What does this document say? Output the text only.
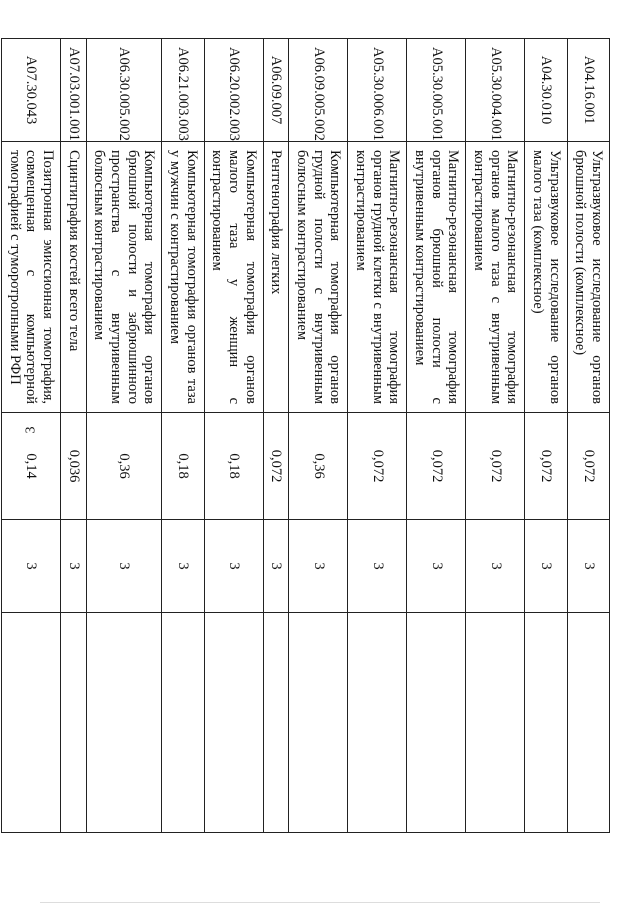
3
A04.16.001	Ультразвуковое исследование органов брюшной полости (комплексное)	0,072	3	
A04.30.010	Ультразвуковое исследование органов малого таза (комплексное)	0,072	3	
A05.30.004.001	Магнитно-резонансная томография органов малого таза с внутривенным контрастированием	0,072	3	
A05.30.005.001	Магнитно-резонансная томография органов брюшной полости с внутривенным контрастированием	0,072	3	
A05.30.006.001	Магнитно-резонансная томография органов грудной клетки с внутривенным контрастированием	0,072	3	
A06.09.005.002	Компьютерная томография органов грудной полости с внутривенным болюсным контрастированием	0,36	3	
A06.09.007	Рентгенография легких	0,072	3	
A06.20.002.003	Компьютерная томография органов малого таза у женщин с контрастированием	0,18	3	
A06.21.003.003	Компьютерная томография органов таза у мужчин с контрастированием	0,18	3	
A06.30.005.002	Компьютерная томография органов брюшной полости и забрюшинного пространства с внутривенным болюсным контрастированием	0,36	3	
A07.03.001.001	Сцинтиграфия костей всего тела	0,036	3	
A07.30.043	Позитронная эмиссионная томография, совмещенная с компьютерной томографией с туморотропными РФП	0,14	3	
